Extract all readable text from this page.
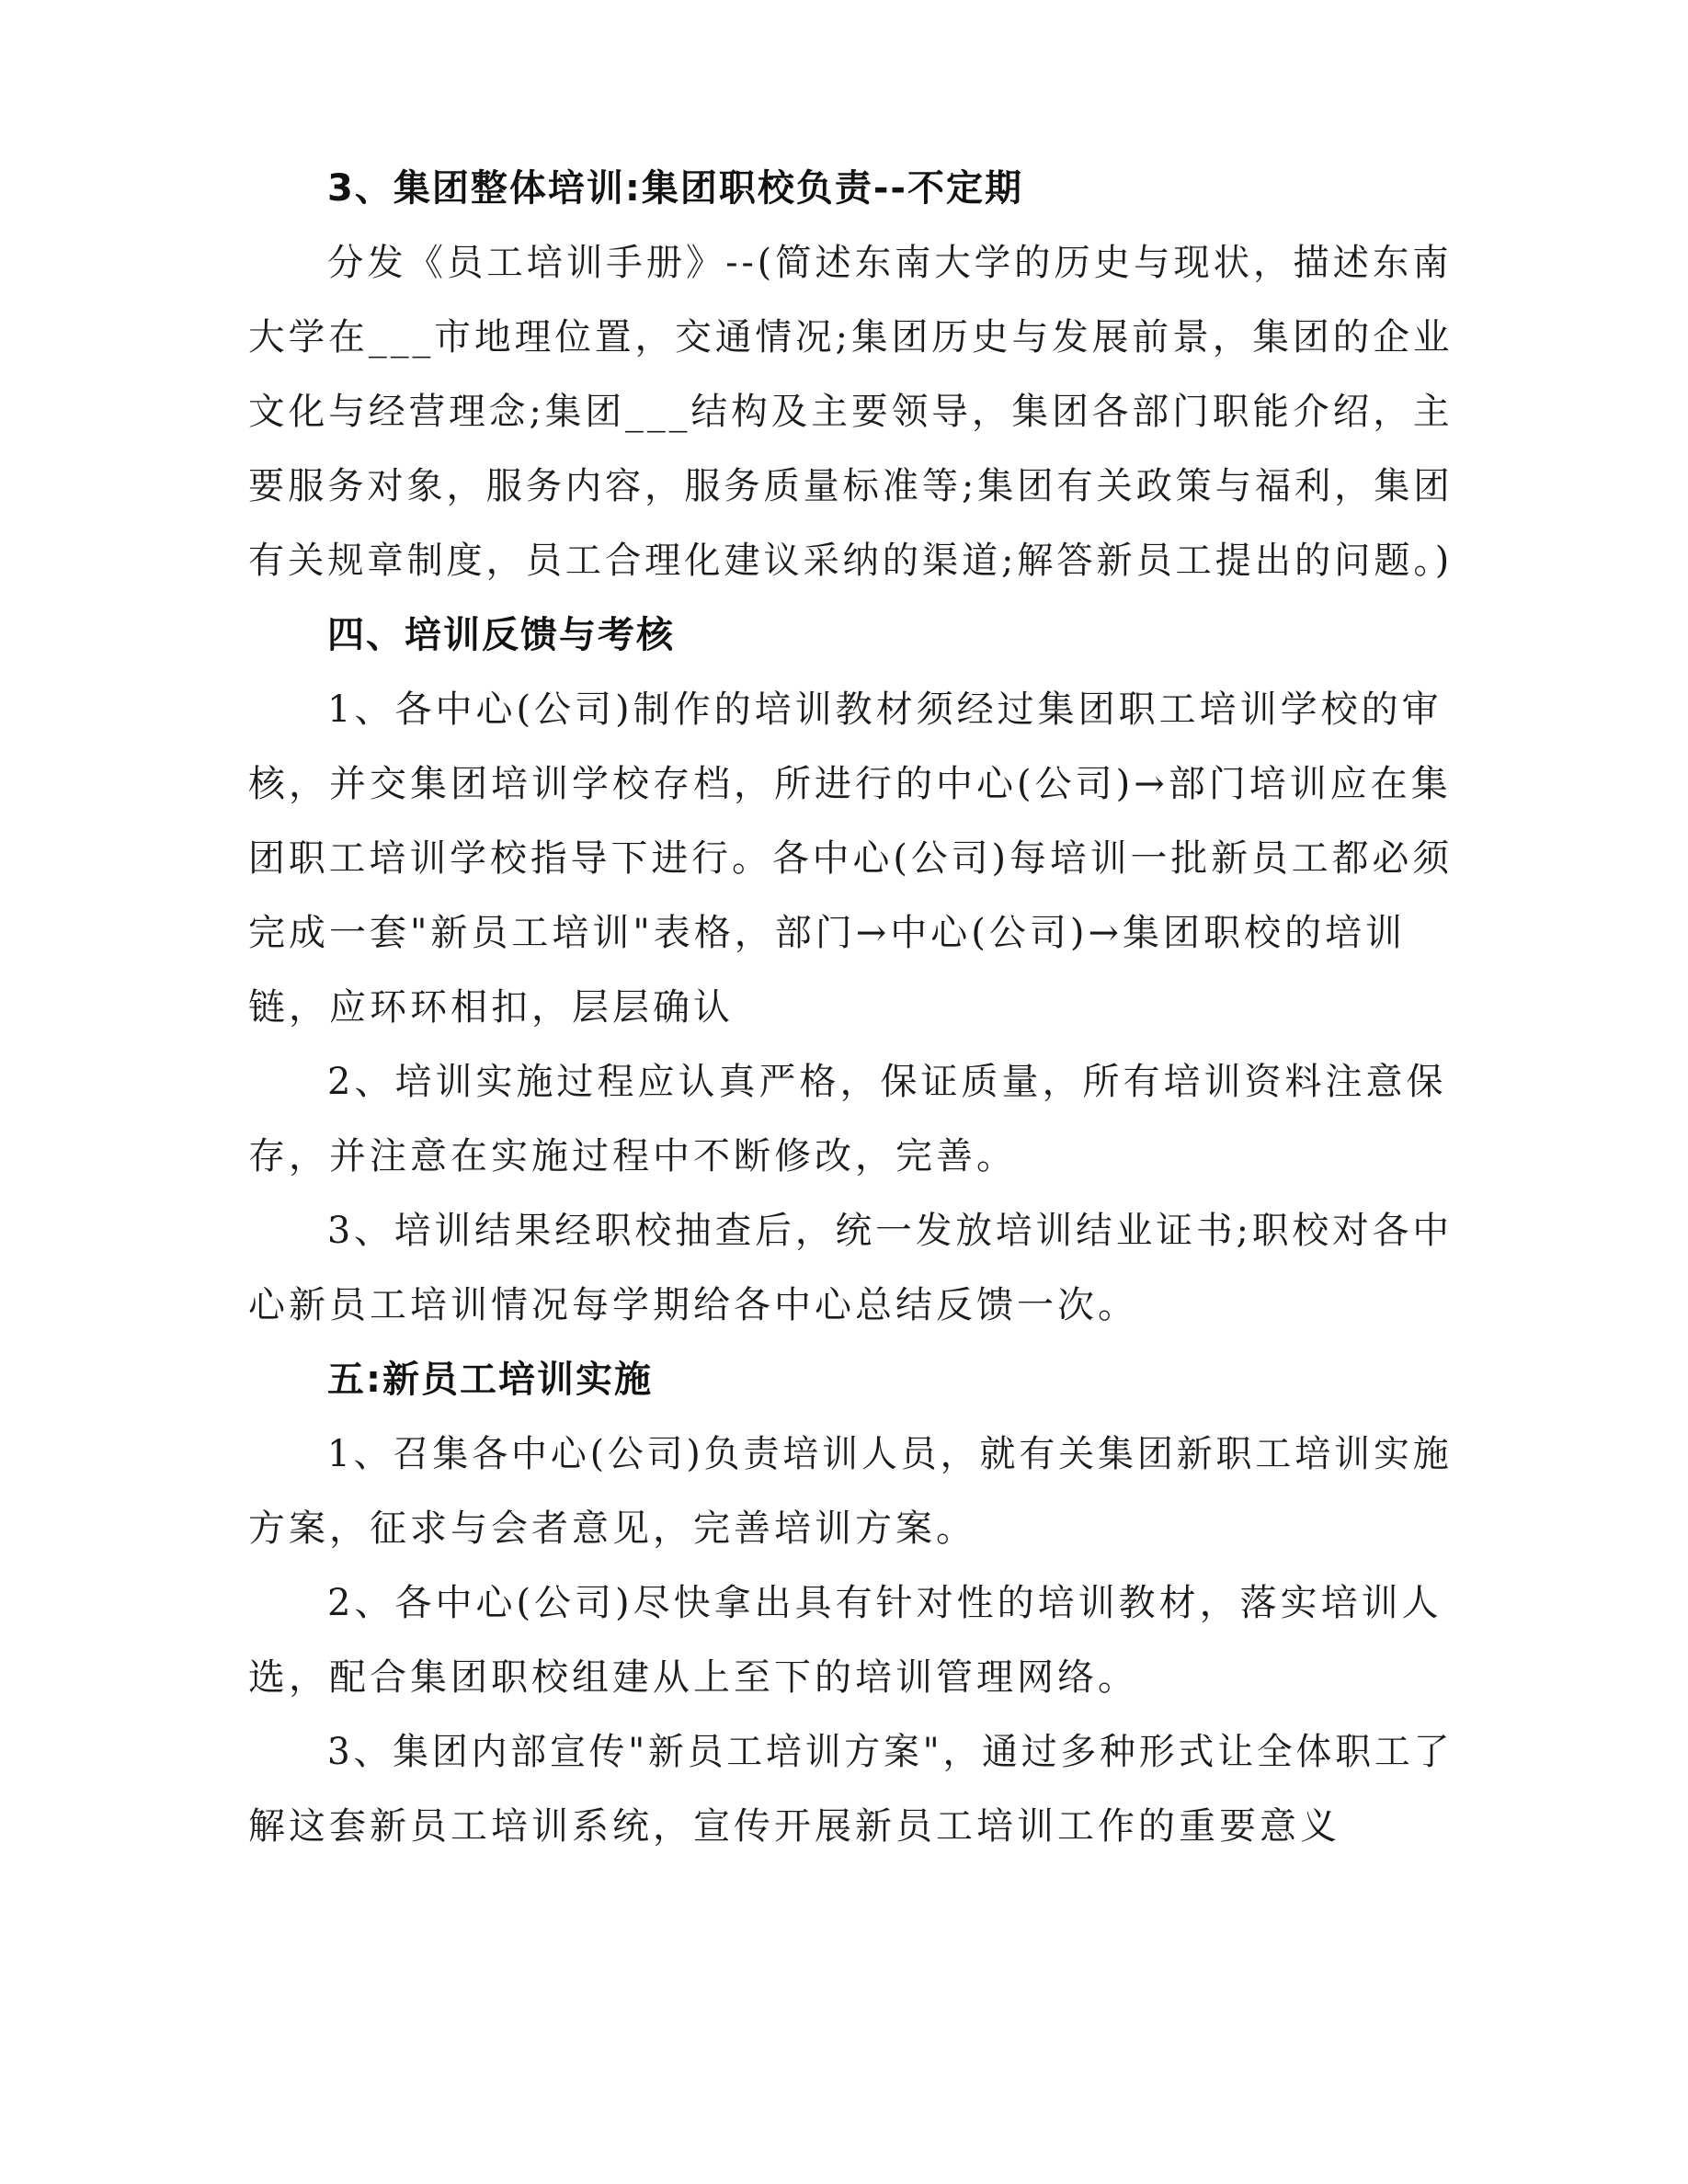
3、集团整体培训:集团职校负责--不定期
分发《员工培训手册》--(简述东南大学的历史与现状，描述东南
大学在___市地理位置，交通情况;集团历史与发展前景，集团的企业
文化与经营理念;集团___结构及主要领导，集团各部门职能介绍，主
要服务对象，服务内容，服务质量标准等;集团有关政策与福利，集团
有关规章制度，员工合理化建议采纳的渠道;解答新员工提出的问题。)
四、培训反馈与考核
1、各中心(公司)制作的培训教材须经过集团职工培训学校的审
核，并交集团培训学校存档，所进行的中心(公司)→部门培训应在集
团职工培训学校指导下进行。各中心(公司)每培训一批新员工都必须
完成一套"新员工培训"表格，部门→中心(公司)→集团职校的培训
链，应环环相扣，层层确认
2、培训实施过程应认真严格，保证质量，所有培训资料注意保
存，并注意在实施过程中不断修改，完善。
3、培训结果经职校抽查后，统一发放培训结业证书;职校对各中
心新员工培训情况每学期给各中心总结反馈一次。
五:新员工培训实施
1、召集各中心(公司)负责培训人员，就有关集团新职工培训实施
方案，征求与会者意见，完善培训方案。
2、各中心(公司)尽快拿出具有针对性的培训教材，落实培训人
选，配合集团职校组建从上至下的培训管理网络。
3、集团内部宣传"新员工培训方案"，通过多种形式让全体职工了
解这套新员工培训系统，宣传开展新员工培训工作的重要意义
